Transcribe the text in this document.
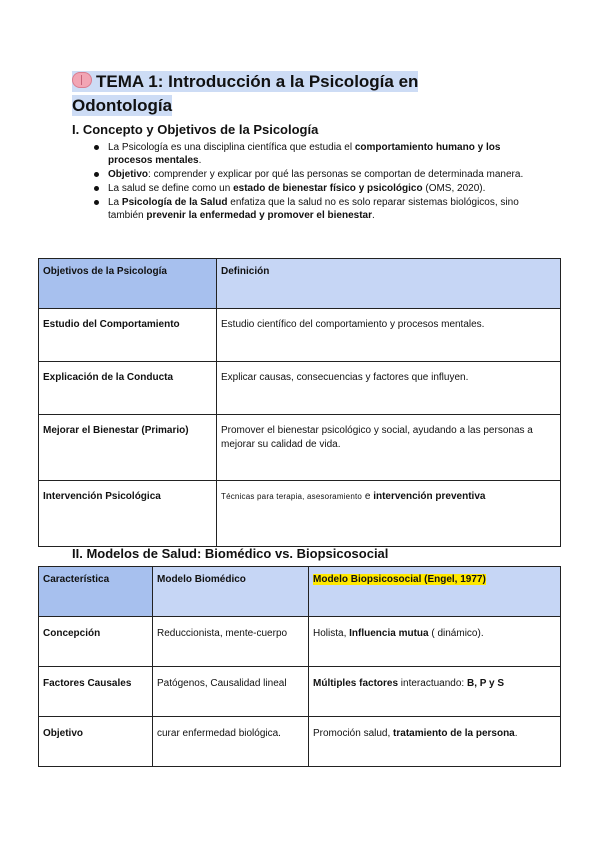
TEMA 1: Introducción a la Psicología en Odontología
I. Concepto y Objetivos de la Psicología
La Psicología es una disciplina científica que estudia el comportamiento humano y los procesos mentales.
Objetivo: comprender y explicar por qué las personas se comportan de determinada manera.
La salud se define como un estado de bienestar físico y psicológico (OMS, 2020).
La Psicología de la Salud enfatiza que la salud no es solo reparar sistemas biológicos, sino también prevenir la enfermedad y promover el bienestar.
Objetivos de la Psicología	Definición
Estudio del Comportamiento	Estudio científico del comportamiento y procesos mentales.
Explicación de la Conducta	Explicar causas, consecuencias y factores que influyen.
Mejorar el Bienestar (Primario)	Promover el bienestar psicológico y social, ayudando a las personas a mejorar su calidad de vida.
Intervención Psicológica	Técnicas para terapia, asesoramiento e intervención preventiva
II. Modelos de Salud: Biomédico vs. Biopsicosocial
Característica	Modelo Biomédico	Modelo Biopsicosocial (Engel, 1977)
Concepción	Reduccionista, mente-cuerpo	Holista, Influencia mutua ( dinámico).
Factores Causales	Patógenos, Causalidad lineal	Múltiples factores interactuando: B, P y S
Objetivo	curar enfermedad biológica.	Promoción salud, tratamiento de la persona.
